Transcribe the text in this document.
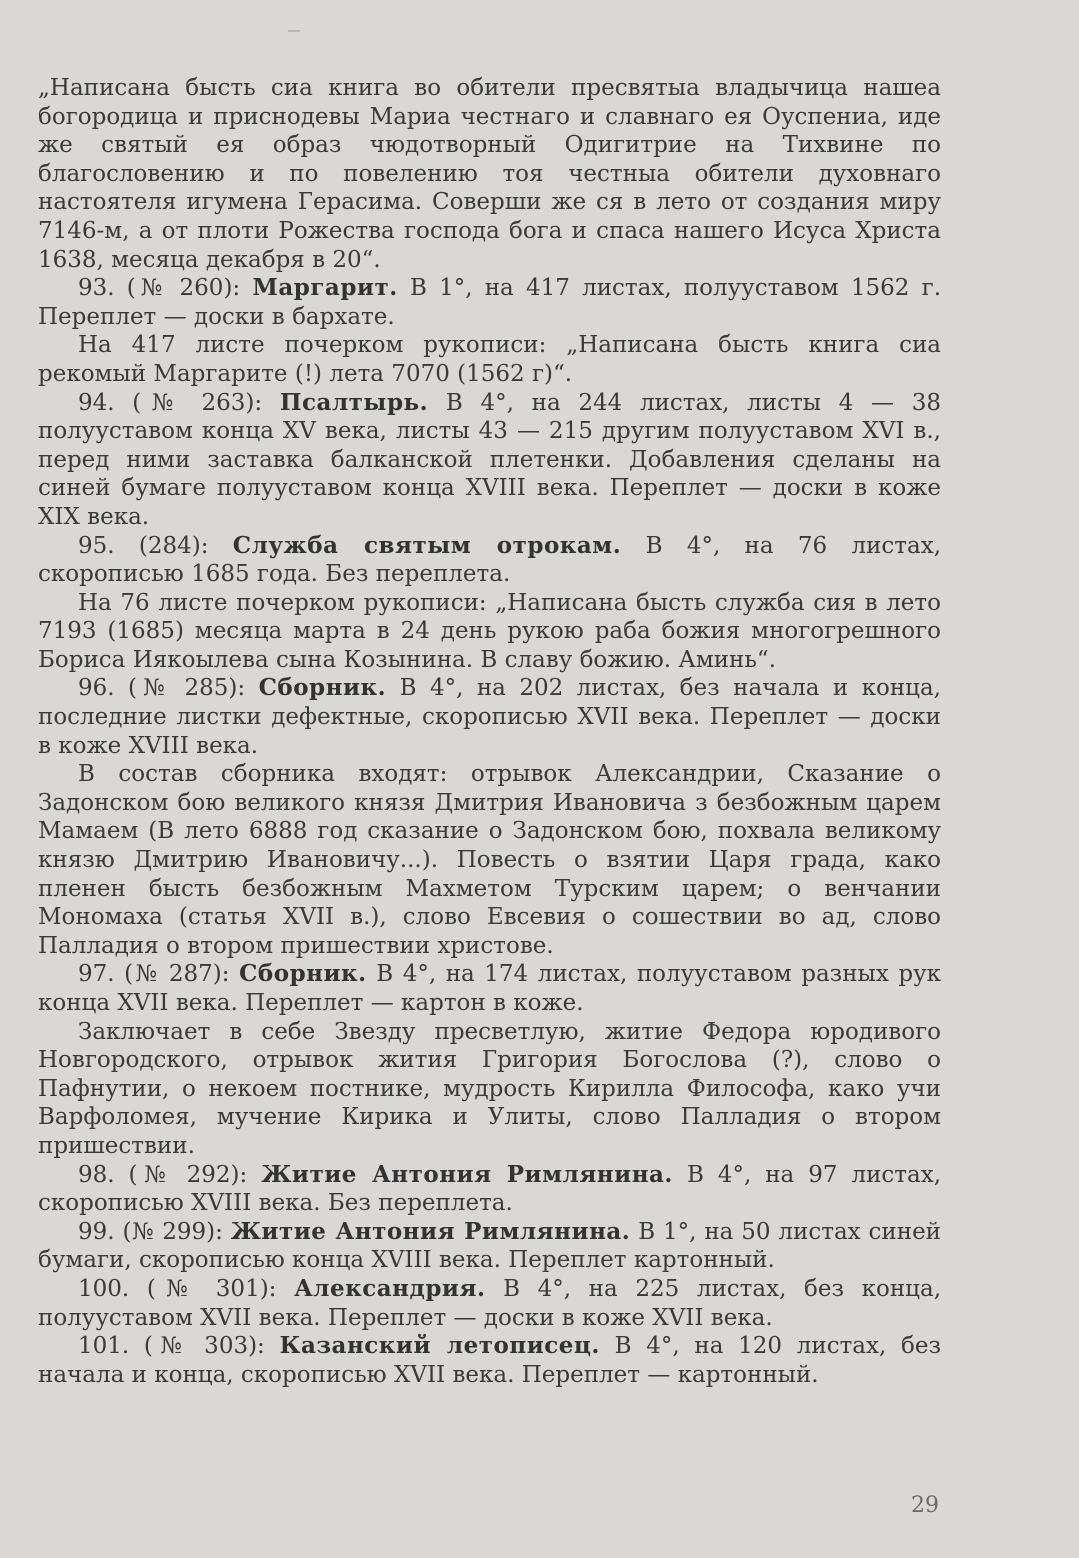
„Написана бысть сиа книга во обители пресвятыа владычица нашеа богородица и приснодевы Мариа честнаго и славнаго ея Оуспениа, иде же святый ея образ чюдотворный Одигитрие на Тихвине по благословению и по повелению тоя честныа обители духовнаго настоятеля игумена Герасима. Соверши же ся в лето от создания миру 7146-м, а от плоти Рожества господа бога и спаса нашего Исуса Христа 1638, месяца декабря в 20“.

93. (№ 260): Маргарит. В 1°, на 417 листах, полууставом 1562 г. Переплет — доски в бархате.

На 417 листе почерком рукописи: „Написана бысть книга сиа рекомый Маргарите (!) лета 7070 (1562 г)“.

94. (№ 263): Псалтырь. В 4°, на 244 листах, листы 4 — 38 полууставом конца XV века, листы 43 — 215 другим полууставом XVI в., перед ними заставка балканской плетенки. Добавления сделаны на синей бумаге полууставом конца XVIII века. Переплет — доски в коже XIX века.

95. (284): Служба святым отрокам. В 4°, на 76 листах, скорописью 1685 года. Без переплета.

На 76 листе почерком рукописи: „Написана бысть служба сия в лето 7193 (1685) месяца марта в 24 день рукою раба божия многогрешного Бориса Иякоылева сына Козынина. В славу божию. Аминь“.

96. (№ 285): Сборник. В 4°, на 202 листах, без начала и конца, последние листки дефектные, скорописью XVII века. Переплет — доски в коже XVIII века.

В состав сборника входят: отрывок Александрии, Сказание о Задонском бою великого князя Дмитрия Ивановича з безбожным царем Мамаем (В лето 6888 год сказание о Задонском бою, похвала великому князю Дмитрию Ивановичу...). Повесть о взятии Царя града, како пленен бысть безбожным Махметом Турским царем; о венчании Мономаха (статья XVII в.), слово Евсевия о сошествии во ад, слово Палладия о втором пришествии христове.

97. (№ 287): Сборник. В 4°, на 174 листах, полууставом разных рук конца XVII века. Переплет — картон в коже.

Заключает в себе Звезду пресветлую, житие Федора юродивого Новгородского, отрывок жития Григория Богослова (?), слово о Пафнутии, о некоем постнике, мудрость Кирилла Философа, како учи Варфоломея, мучение Кирика и Улиты, слово Палладия о втором пришествии.

98. (№ 292): Житие Антония Римлянина. В 4°, на 97 листах, скорописью XVIII века. Без переплета.

99. (№ 299): Житие Антония Римлянина. В 1°, на 50 листах синей бумаги, скорописью конца XVIII века. Переплет картонный.

100. (№ 301): Александрия. В 4°, на 225 листах, без конца, полууставом XVII века. Переплет — доски в коже XVII века.

101. (№ 303): Казанский летописец. В 4°, на 120 листах, без начала и конца, скорописью XVII века. Переплет — картонный.

29
